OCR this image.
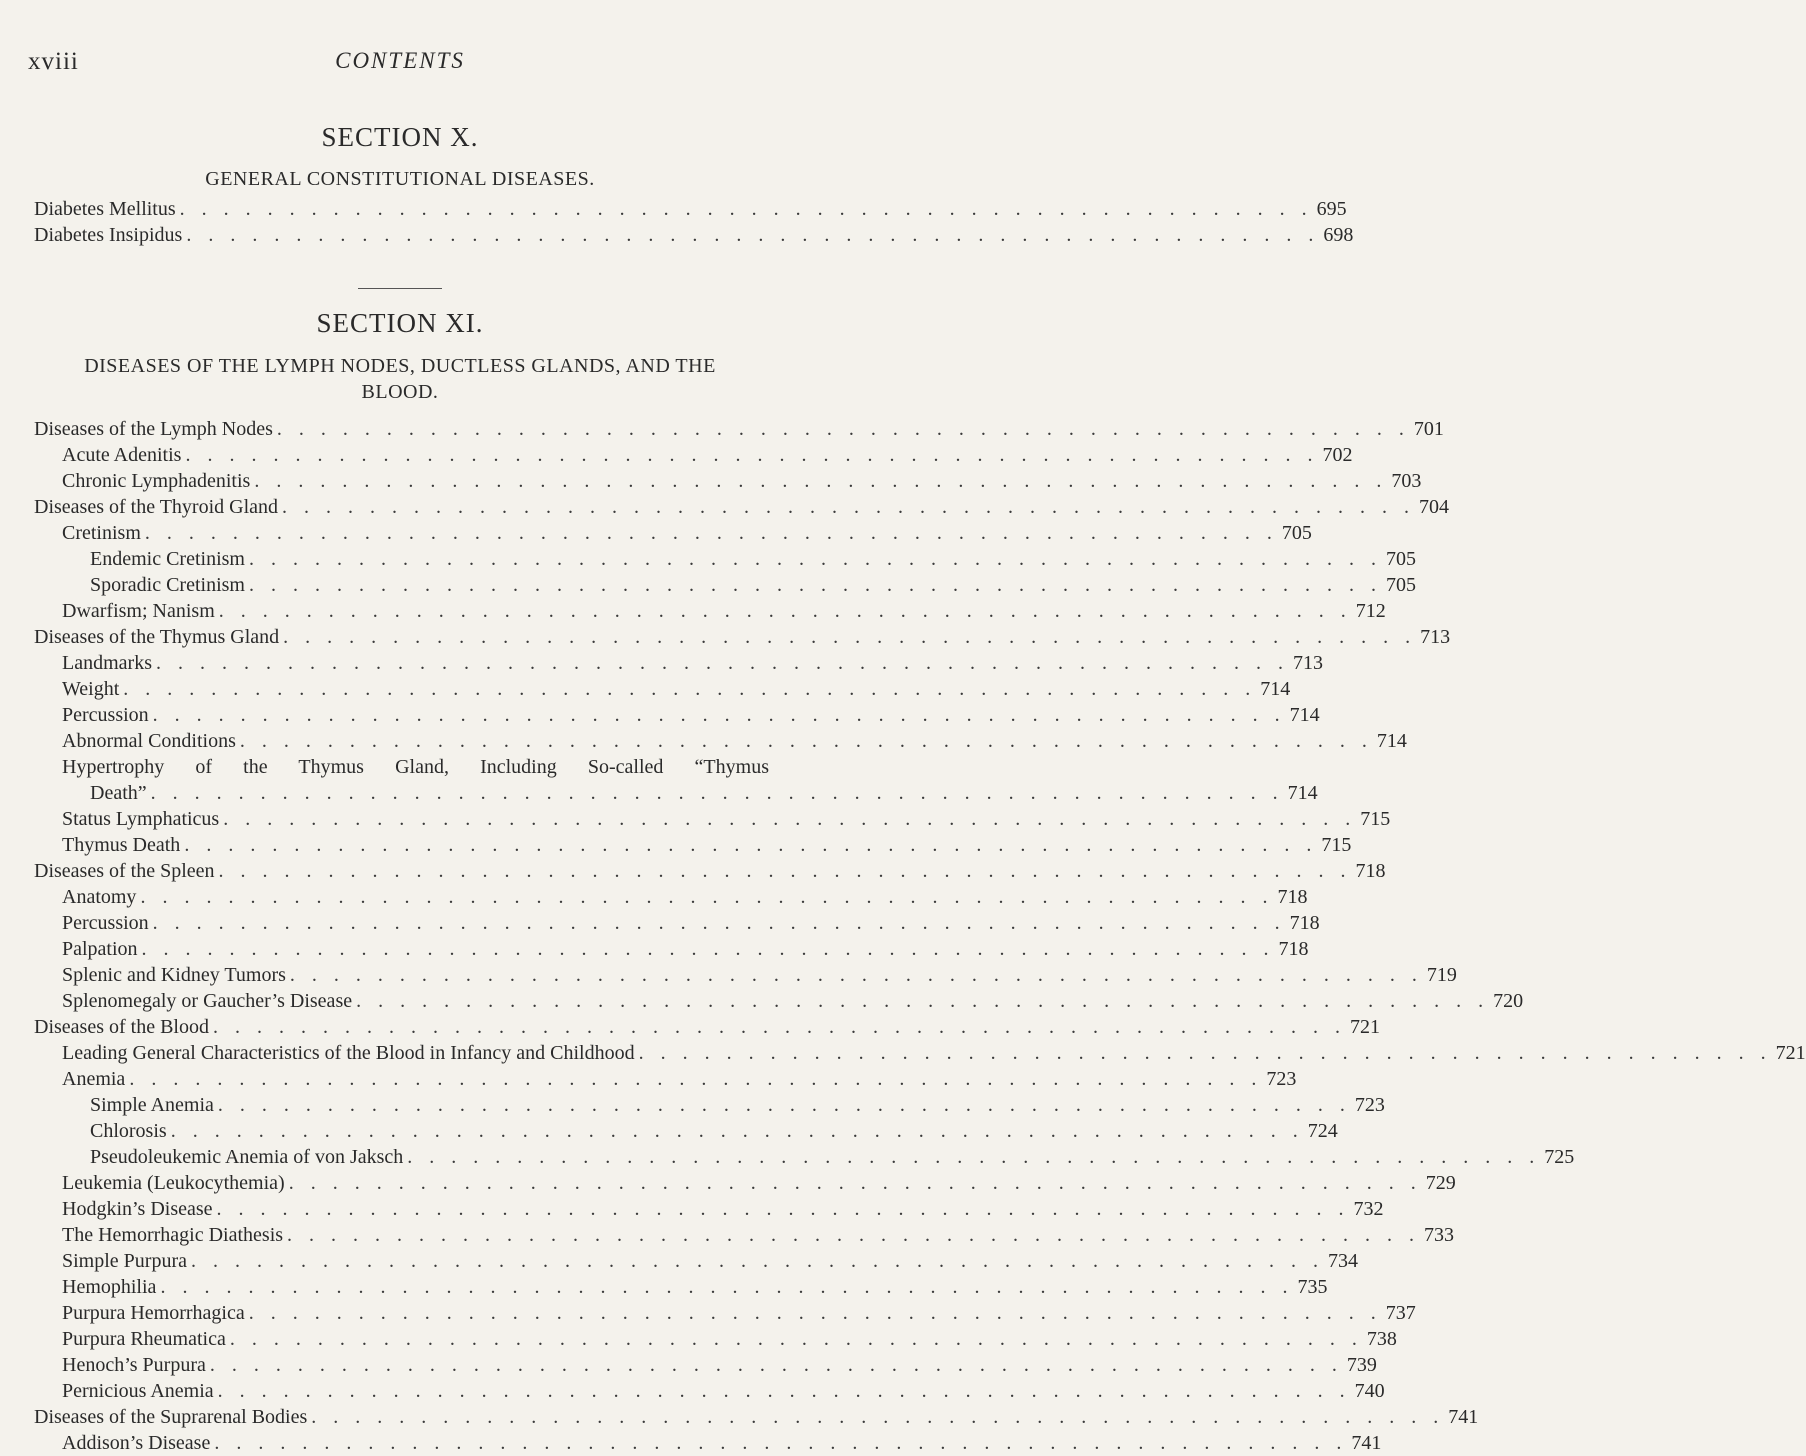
xviii	CONTENTS
SECTION X.
GENERAL CONSTITUTIONAL DISEASES.
Diabetes Mellitus . . . . . . . . . . . . . . . . . . . . . . . . . . . . . . . . . . . . . . . . . . . . . . . . . . . . 695
Diabetes Insipidus . . . . . . . . . . . . . . . . . . . . . . . . . . . . . . . . . . . . . . . . . . . . . . . . . . . . 698
SECTION XI.
DISEASES OF THE LYMPH NODES, DUCTLESS GLANDS, AND THE
BLOOD.
Diseases of the Lymph Nodes . . . . . . . . . . . . . . . . . . . . . . . . . . . . . . . . . . . . . . . . . . . . . . . . . . . . 701
Acute Adenitis . . . . . . . . . . . . . . . . . . . . . . . . . . . . . . . . . . . . . . . . . . . . . . . . . . . . 702
Chronic Lymphadenitis . . . . . . . . . . . . . . . . . . . . . . . . . . . . . . . . . . . . . . . . . . . . . . . . . . . . 703
Diseases of the Thyroid Gland . . . . . . . . . . . . . . . . . . . . . . . . . . . . . . . . . . . . . . . . . . . . . . . . . . . . 704
Cretinism . . . . . . . . . . . . . . . . . . . . . . . . . . . . . . . . . . . . . . . . . . . . . . . . . . . . 705
Endemic Cretinism . . . . . . . . . . . . . . . . . . . . . . . . . . . . . . . . . . . . . . . . . . . . . . . . . . . . 705
Sporadic Cretinism . . . . . . . . . . . . . . . . . . . . . . . . . . . . . . . . . . . . . . . . . . . . . . . . . . . . 705
Dwarfism; Nanism . . . . . . . . . . . . . . . . . . . . . . . . . . . . . . . . . . . . . . . . . . . . . . . . . . . . 712
Diseases of the Thymus Gland . . . . . . . . . . . . . . . . . . . . . . . . . . . . . . . . . . . . . . . . . . . . . . . . . . . . 713
Landmarks . . . . . . . . . . . . . . . . . . . . . . . . . . . . . . . . . . . . . . . . . . . . . . . . . . . . 713
Weight . . . . . . . . . . . . . . . . . . . . . . . . . . . . . . . . . . . . . . . . . . . . . . . . . . . . 714
Percussion . . . . . . . . . . . . . . . . . . . . . . . . . . . . . . . . . . . . . . . . . . . . . . . . . . . . 714
Abnormal Conditions . . . . . . . . . . . . . . . . . . . . . . . . . . . . . . . . . . . . . . . . . . . . . . . . . . . . 714
Hypertrophy of the Thymus Gland, Including So-called “Thymus
Death” . . . . . . . . . . . . . . . . . . . . . . . . . . . . . . . . . . . . . . . . . . . . . . . . . . . . 714
Status Lymphaticus . . . . . . . . . . . . . . . . . . . . . . . . . . . . . . . . . . . . . . . . . . . . . . . . . . . . 715
Thymus Death . . . . . . . . . . . . . . . . . . . . . . . . . . . . . . . . . . . . . . . . . . . . . . . . . . . . 715
Diseases of the Spleen . . . . . . . . . . . . . . . . . . . . . . . . . . . . . . . . . . . . . . . . . . . . . . . . . . . . 718
Anatomy . . . . . . . . . . . . . . . . . . . . . . . . . . . . . . . . . . . . . . . . . . . . . . . . . . . . 718
Percussion . . . . . . . . . . . . . . . . . . . . . . . . . . . . . . . . . . . . . . . . . . . . . . . . . . . . 718
Palpation . . . . . . . . . . . . . . . . . . . . . . . . . . . . . . . . . . . . . . . . . . . . . . . . . . . . 718
Splenic and Kidney Tumors . . . . . . . . . . . . . . . . . . . . . . . . . . . . . . . . . . . . . . . . . . . . . . . . . . . . 719
Splenomegaly or Gaucher’s Disease . . . . . . . . . . . . . . . . . . . . . . . . . . . . . . . . . . . . . . . . . . . . . . . . . . . . 720
Diseases of the Blood . . . . . . . . . . . . . . . . . . . . . . . . . . . . . . . . . . . . . . . . . . . . . . . . . . . . 721
Leading General Characteristics of the Blood in Infancy and Childhood . . . . . . . . . . . . . . . . . . . . . . . . . . . . . . . . . . . . . . . . . . . . . . . . . . . . 721
Anemia . . . . . . . . . . . . . . . . . . . . . . . . . . . . . . . . . . . . . . . . . . . . . . . . . . . . 723
Simple Anemia . . . . . . . . . . . . . . . . . . . . . . . . . . . . . . . . . . . . . . . . . . . . . . . . . . . . 723
Chlorosis . . . . . . . . . . . . . . . . . . . . . . . . . . . . . . . . . . . . . . . . . . . . . . . . . . . . 724
Pseudoleukemic Anemia of von Jaksch . . . . . . . . . . . . . . . . . . . . . . . . . . . . . . . . . . . . . . . . . . . . . . . . . . . . 725
Leukemia (Leukocythemia) . . . . . . . . . . . . . . . . . . . . . . . . . . . . . . . . . . . . . . . . . . . . . . . . . . . . 729
Hodgkin’s Disease . . . . . . . . . . . . . . . . . . . . . . . . . . . . . . . . . . . . . . . . . . . . . . . . . . . . 732
The Hemorrhagic Diathesis . . . . . . . . . . . . . . . . . . . . . . . . . . . . . . . . . . . . . . . . . . . . . . . . . . . . 733
Simple Purpura . . . . . . . . . . . . . . . . . . . . . . . . . . . . . . . . . . . . . . . . . . . . . . . . . . . . 734
Hemophilia . . . . . . . . . . . . . . . . . . . . . . . . . . . . . . . . . . . . . . . . . . . . . . . . . . . . 735
Purpura Hemorrhagica . . . . . . . . . . . . . . . . . . . . . . . . . . . . . . . . . . . . . . . . . . . . . . . . . . . . 737
Purpura Rheumatica . . . . . . . . . . . . . . . . . . . . . . . . . . . . . . . . . . . . . . . . . . . . . . . . . . . . 738
Henoch’s Purpura . . . . . . . . . . . . . . . . . . . . . . . . . . . . . . . . . . . . . . . . . . . . . . . . . . . . 739
Pernicious Anemia . . . . . . . . . . . . . . . . . . . . . . . . . . . . . . . . . . . . . . . . . . . . . . . . . . . . 740
Diseases of the Suprarenal Bodies . . . . . . . . . . . . . . . . . . . . . . . . . . . . . . . . . . . . . . . . . . . . . . . . . . . . 741
Addison’s Disease . . . . . . . . . . . . . . . . . . . . . . . . . . . . . . . . . . . . . . . . . . . . . . . . . . . . 741
